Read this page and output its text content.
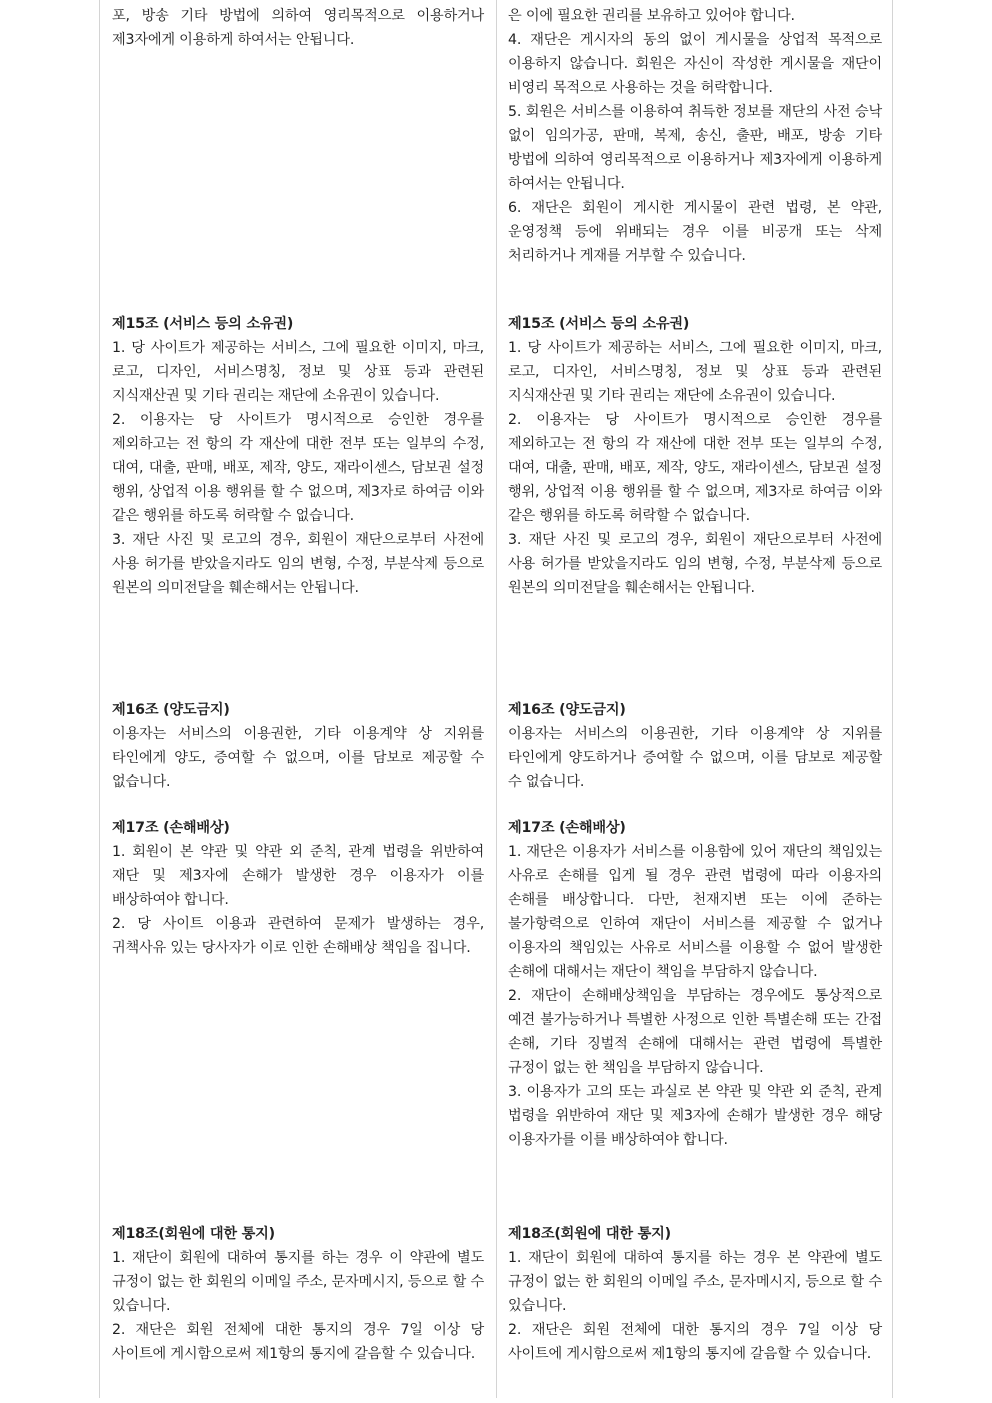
포, 방송 기타 방법에 의하여 영리목적으로 이용하거나 제3자에게 이용하게 하여서는 안됩니다.
제15조 (서비스 등의 소유권)
1. 당 사이트가 제공하는 서비스, 그에 필요한 이미지, 마크, 로고, 디자인, 서비스명칭, 정보 및 상표 등과 관련된 지식재산권 및 기타 권리는 재단에 소유권이 있습니다.
2. 이용자는 당 사이트가 명시적으로 승인한 경우를 제외하고는 전 항의 각 재산에 대한 전부 또는 일부의 수정, 대여, 대출, 판매, 배포, 제작, 양도, 재라이센스, 담보권 설정 행위, 상업적 이용 행위를 할 수 없으며, 제3자로 하여금 이와 같은 행위를 하도록 허락할 수 없습니다.
3. 재단 사진 및 로고의 경우, 회원이 재단으로부터 사전에 사용 허가를 받았을지라도 임의 변형, 수정, 부분삭제 등으로 원본의 의미전달을 훼손해서는 안됩니다.
제16조 (양도금지)
이용자는 서비스의 이용권한, 기타 이용계약 상 지위를 타인에게 양도, 증여할 수 없으며, 이를 담보로 제공할 수 없습니다.
제17조 (손해배상)
1. 회원이 본 약관 및 약관 외 준칙, 관계 법령을 위반하여 재단 및 제3자에 손해가 발생한 경우 이용자가 이를 배상하여야 합니다.
2. 당 사이트 이용과 관련하여 문제가 발생하는 경우, 귀책사유 있는 당사자가 이로 인한 손해배상 책임을 집니다.
제18조(회원에 대한 통지)
1. 재단이 회원에 대하여 통지를 하는 경우 이 약관에 별도 규정이 없는 한 회원의 이메일 주소, 문자메시지, 등으로 할 수 있습니다.
2. 재단은 회원 전체에 대한 통지의 경우 7일 이상 당 사이트에 게시함으로써 제1항의 통지에 갈음할 수 있습니다.
은 이에 필요한 권리를 보유하고 있어야 합니다.
4. 재단은 게시자의 동의 없이 게시물을 상업적 목적으로 이용하지 않습니다. 회원은 자신이 작성한 게시물을 재단이 비영리 목적으로 사용하는 것을 허락합니다.
5. 회원은 서비스를 이용하여 취득한 정보를 재단의 사전 승낙 없이 임의가공, 판매, 복제, 송신, 출판, 배포, 방송 기타 방법에 의하여 영리목적으로 이용하거나 제3자에게 이용하게 하여서는 안됩니다.
6. 재단은 회원이 게시한 게시물이 관련 법령, 본 약관, 운영정책 등에 위배되는 경우 이를 비공개 또는 삭제 처리하거나 게재를 거부할 수 있습니다.
제15조 (서비스 등의 소유권)
1. 당 사이트가 제공하는 서비스, 그에 필요한 이미지, 마크, 로고, 디자인, 서비스명칭, 정보 및 상표 등과 관련된 지식재산권 및 기타 권리는 재단에 소유권이 있습니다.
2. 이용자는 당 사이트가 명시적으로 승인한 경우를 제외하고는 전 항의 각 재산에 대한 전부 또는 일부의 수정, 대여, 대출, 판매, 배포, 제작, 양도, 재라이센스, 담보권 설정 행위, 상업적 이용 행위를 할 수 없으며, 제3자로 하여금 이와 같은 행위를 하도록 허락할 수 없습니다.
3. 재단 사진 및 로고의 경우, 회원이 재단으로부터 사전에 사용 허가를 받았을지라도 임의 변형, 수정, 부분삭제 등으로 원본의 의미전달을 훼손해서는 안됩니다.
제16조 (양도금지)
이용자는 서비스의 이용권한, 기타 이용계약 상 지위를 타인에게 양도하거나 증여할 수 없으며, 이를 담보로 제공할 수 없습니다.
제17조 (손해배상)
1. 재단은 이용자가 서비스를 이용함에 있어 재단의 책임있는 사유로 손해를 입게 될 경우 관련 법령에 따라 이용자의 손해를 배상합니다. 다만, 천재지변 또는 이에 준하는 불가항력으로 인하여 재단이 서비스를 제공할 수 없거나 이용자의 책임있는 사유로 서비스를 이용할 수 없어 발생한 손해에 대해서는 재단이 책임을 부담하지 않습니다.
2. 재단이 손해배상책임을 부담하는 경우에도 통상적으로 예견 불가능하거나 특별한 사정으로 인한 특별손해 또는 간접 손해, 기타 징벌적 손해에 대해서는 관련 법령에 특별한 규정이 없는 한 책임을 부담하지 않습니다.
3. 이용자가 고의 또는 과실로 본 약관 및 약관 외 준칙, 관계 법령을 위반하여 재단 및 제3자에 손해가 발생한 경우 해당 이용자가를 이를 배상하여야 합니다.
제18조(회원에 대한 통지)
1. 재단이 회원에 대하여 통지를 하는 경우 본 약관에 별도 규정이 없는 한 회원의 이메일 주소, 문자메시지, 등으로 할 수 있습니다.
2. 재단은 회원 전체에 대한 통지의 경우 7일 이상 당 사이트에 게시함으로써 제1항의 통지에 갈음할 수 있습니다.
